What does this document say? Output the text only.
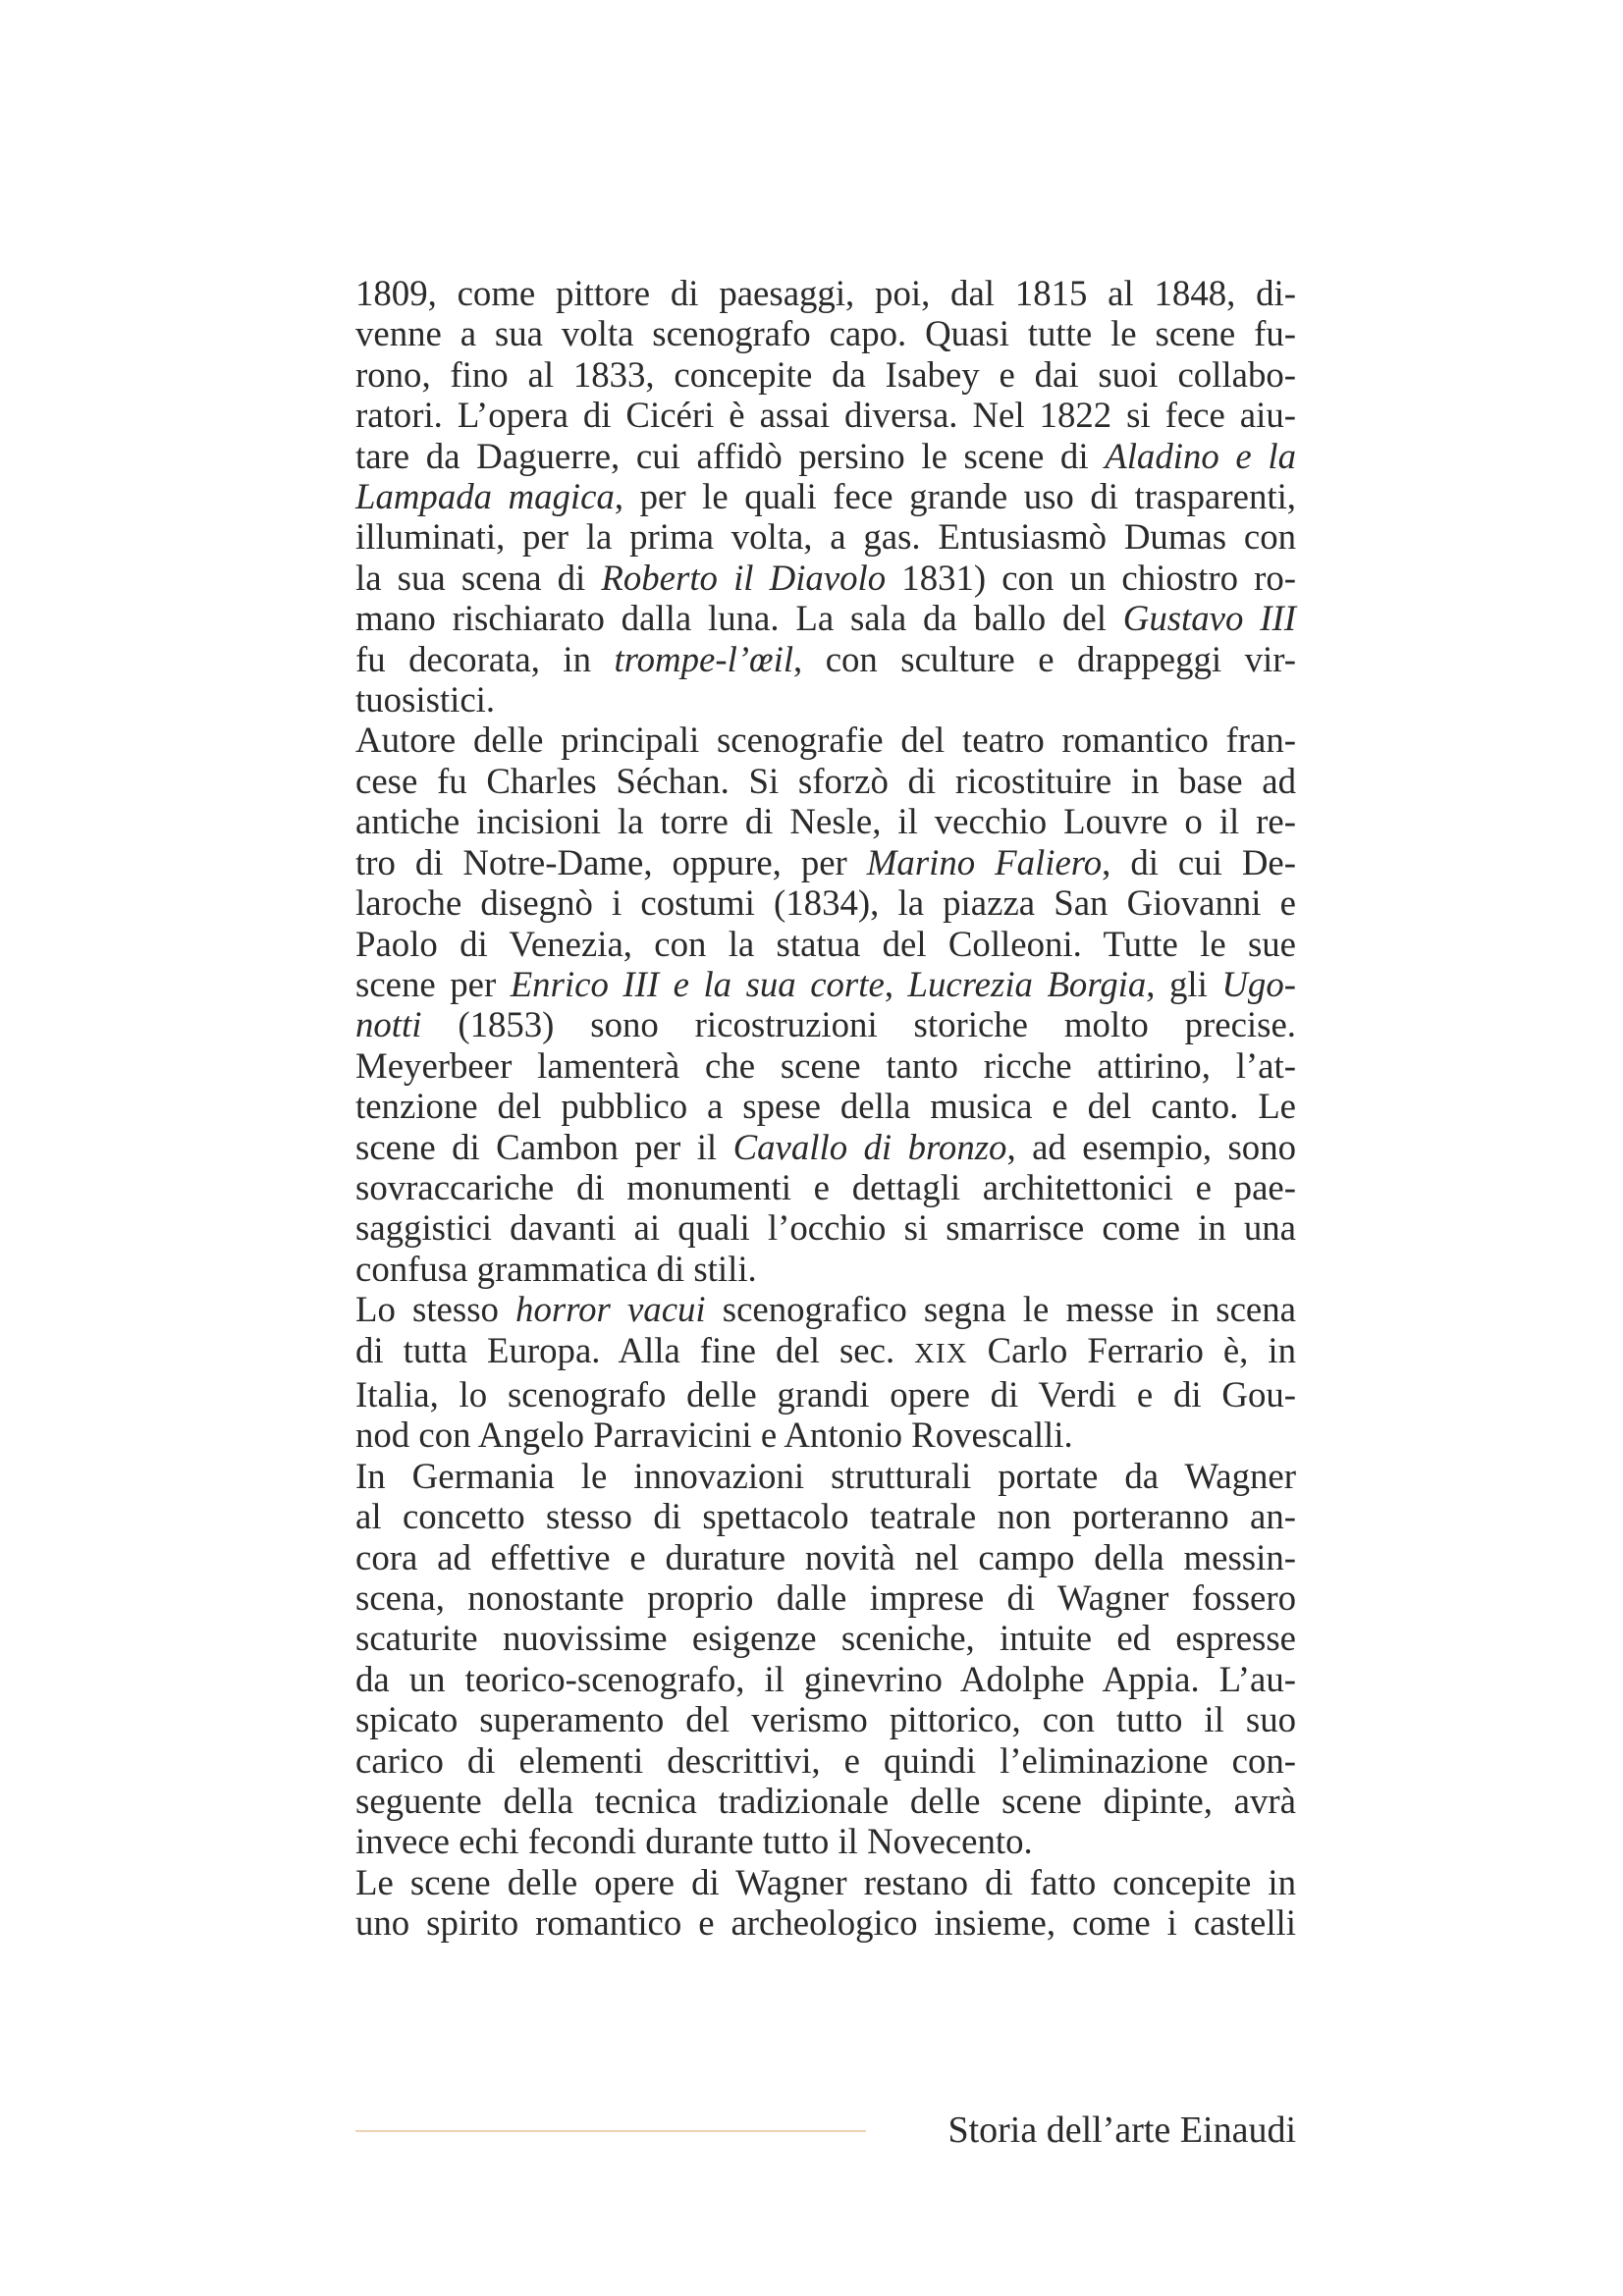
1809, come pittore di paesaggi, poi, dal 1815 al 1848, di-
venne a sua volta scenografo capo. Quasi tutte le scene fu-
rono, fino al 1833, concepite da Isabey e dai suoi collabo-
ratori. L’opera di Cicéri è assai diversa. Nel 1822 si fece aiu-
tare da Daguerre, cui affidò persino le scene di Aladino e la
Lampada magica, per le quali fece grande uso di trasparenti,
illuminati, per la prima volta, a gas. Entusiasmò Dumas con
la sua scena di Roberto il Diavolo 1831) con un chiostro ro-
mano rischiarato dalla luna. La sala da ballo del Gustavo III
fu decorata, in trompe-l’œil, con sculture e drappeggi vir-
tuosistici.
Autore delle principali scenografie del teatro romantico fran-
cese fu Charles Séchan. Si sforzò di ricostituire in base ad
antiche incisioni la torre di Nesle, il vecchio Louvre o il re-
tro di Notre-Dame, oppure, per Marino Faliero, di cui De-
laroche disegnò i costumi (1834), la piazza San Giovanni e
Paolo di Venezia, con la statua del Colleoni. Tutte le sue
scene per Enrico III e la sua corte, Lucrezia Borgia, gli Ugo-
notti (1853) sono ricostruzioni storiche molto precise.
Meyerbeer lamenterà che scene tanto ricche attirino, l’at-
tenzione del pubblico a spese della musica e del canto. Le
scene di Cambon per il Cavallo di bronzo, ad esempio, sono
sovraccariche di monumenti e dettagli architettonici e pae-
saggistici davanti ai quali l’occhio si smarrisce come in una
confusa grammatica di stili.
Lo stesso horror vacui scenografico segna le messe in scena
di tutta Europa. Alla fine del sec. XIX Carlo Ferrario è, in
Italia, lo scenografo delle grandi opere di Verdi e di Gou-
nod con Angelo Parravicini e Antonio Rovescalli.
In Germania le innovazioni strutturali portate da Wagner
al concetto stesso di spettacolo teatrale non porteranno an-
cora ad effettive e durature novità nel campo della messin-
scena, nonostante proprio dalle imprese di Wagner fossero
scaturite nuovissime esigenze sceniche, intuite ed espresse
da un teorico-scenografo, il ginevrino Adolphe Appia. L’au-
spicato superamento del verismo pittorico, con tutto il suo
carico di elementi descrittivi, e quindi l’eliminazione con-
seguente della tecnica tradizionale delle scene dipinte, avrà
invece echi fecondi durante tutto il Novecento.
Le scene delle opere di Wagner restano di fatto concepite in
uno spirito romantico e archeologico insieme, come i castelli
Storia dell’arte Einaudi
